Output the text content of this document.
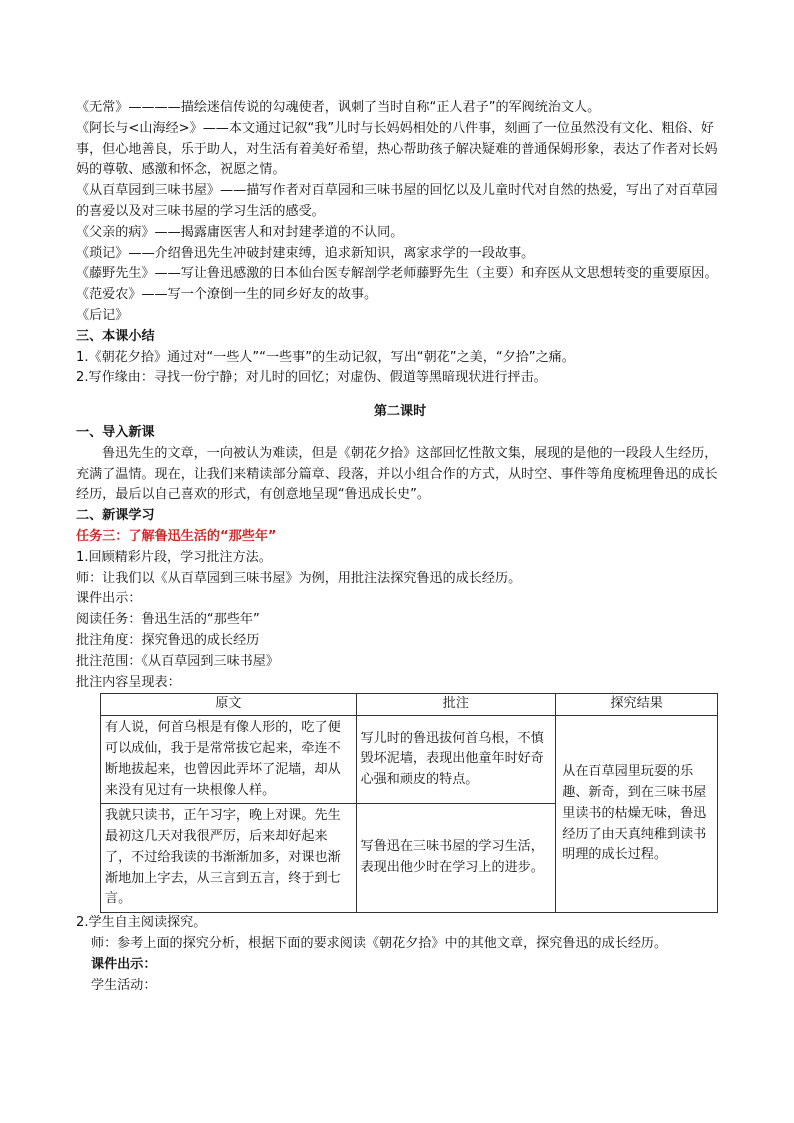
《无常》————描绘迷信传说的勾魂使者，讽刺了当时自称“正人君子”的军阀统治文人。

《阿长与<山海经>》——本文通过记叙“我”儿时与长妈妈相处的八件事，刻画了一位虽然没有文化、粗俗、好事，但心地善良，乐于助人，对生活有着美好希望，热心帮助孩子解决疑难的普通保姆形象，表达了作者对长妈妈的尊敬、感激和怀念，祝愿之情。

《从百草园到三味书屋》——描写作者对百草园和三味书屋的回忆以及儿童时代对自然的热爱，写出了对百草园的喜爱以及对三味书屋的学习生活的感受。

《父亲的病》——揭露庸医害人和对封建孝道的不认同。

《琐记》——介绍鲁迅先生冲破封建束缚，追求新知识，离家求学的一段故事。

《藤野先生》——写让鲁迅感激的日本仙台医专解剖学老师藤野先生（主要）和弃医从文思想转变的重要原因。

《范爱农》——写一个潦倒一生的同乡好友的故事。

《后记》

三、本课小结

1.《朝花夕拾》通过对“一些人”“一些事”的生动记叙，写出“朝花”之美，“夕拾”之痛。

2.写作缘由：寻找一份宁静；对儿时的回忆；对虚伪、假道等黑暗现状进行抨击。

第二课时

一、导入新课

鲁迅先生的文章，一向被认为难读，但是《朝花夕拾》这部回忆性散文集，展现的是他的一段段人生经历，充满了温情。现在，让我们来精读部分篇章、段落，并以小组合作的方式，从时空、事件等角度梳理鲁迅的成长经历，最后以自己喜欢的形式，有创意地呈现“鲁迅成长史”。

二、新课学习

任务三：了解鲁迅生活的“那些年”

1.回顾精彩片段，学习批注方法。

师：让我们以《从百草园到三味书屋》为例，用批注法探究鲁迅的成长经历。

课件出示：

阅读任务：鲁迅生活的“那些年”

批注角度：探究鲁迅的成长经历

批注范围：《从百草园到三味书屋》

批注内容呈现表：

原文	批注	探究结果
有人说，何首乌根是有像人形的，吃了便可以成仙，我于是常常拔它起来，牵连不断地拔起来，也曾因此弄坏了泥墙，却从来没有见过有一块根像人样。	写儿时的鲁迅拔何首乌根，不慎毁坏泥墙，表现出他童年时好奇心强和顽皮的特点。	从在百草园里玩耍的乐趣、新奇，到在三味书屋里读书的枯燥无味，鲁迅经历了由天真纯稚到读书明理的成长过程。
我就只读书，正午习字，晚上对课。先生最初这几天对我很严厉，后来却好起来了，不过给我读的书渐渐加多，对课也渐渐地加上字去，从三言到五言，终于到七言。	写鲁迅在三味书屋的学习生活，表现出他少时在学习上的进步。	

2.学生自主阅读探究。

师：参考上面的探究分析，根据下面的要求阅读《朝花夕拾》中的其他文章，探究鲁迅的成长经历。

课件出示：

学生活动：
